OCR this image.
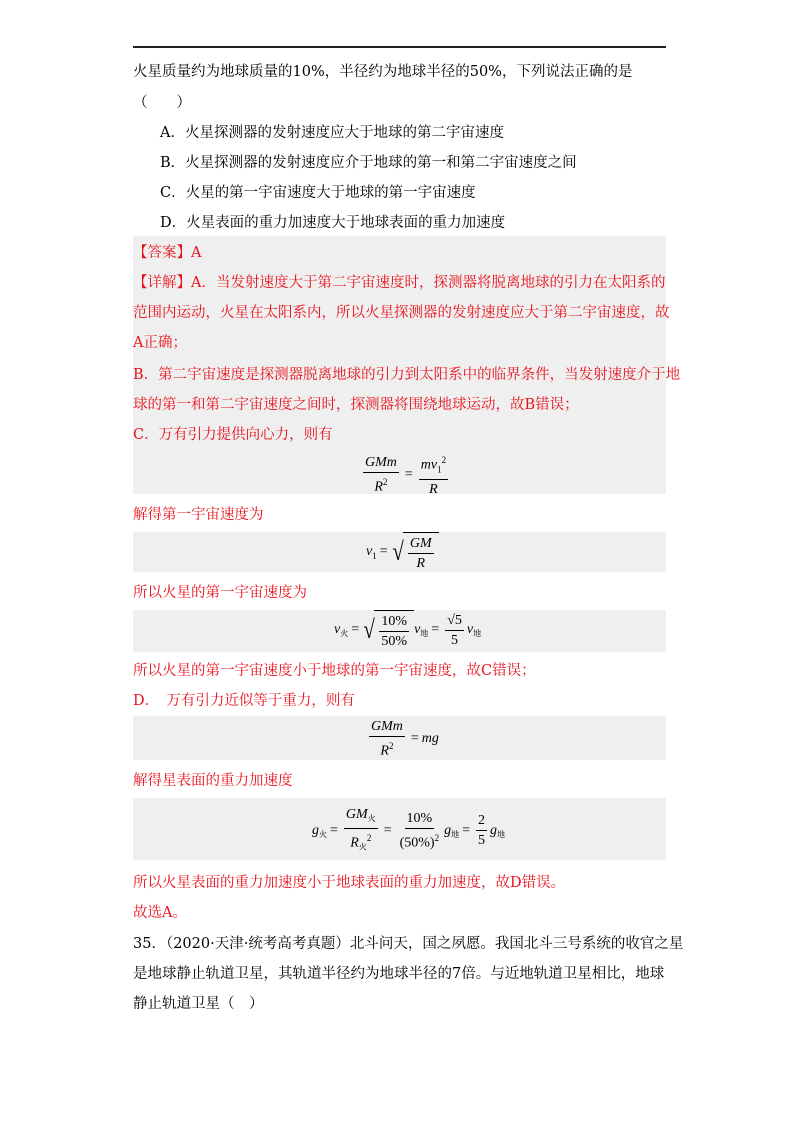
火星质量约为地球质量的10%，半径约为地球半径的50%，下列说法正确的是
（　　）
A．火星探测器的发射速度应大于地球的第二宇宙速度
B．火星探测器的发射速度应介于地球的第一和第二宇宙速度之间
C．火星的第一宇宙速度大于地球的第一宇宙速度
D．火星表面的重力加速度大于地球表面的重力加速度
【答案】A
【详解】A．当发射速度大于第二宇宙速度时，探测器将脱离地球的引力在太阳系的
范围内运动，火星在太阳系内，所以火星探测器的发射速度应大于第二宇宙速度，故
A正确；
B．第二宇宙速度是探测器脱离地球的引力到太阳系中的临界条件，当发射速度介于地
球的第一和第二宇宙速度之间时，探测器将围绕地球运动，故B错误；
C．万有引力提供向心力，则有
$\frac{\text{GMm}}{R^2} = \frac{mv_1^2}{R}$
解得第一宇宙速度为
$v_1$ = √ $\frac{GM}{R}$
所以火星的第一宇宙速度为
$v_火$ = √ $\frac{10\%}{50\%} v_地 = \frac{√5}{5} v_地$
所以火星的第一宇宙速度小于地球的第一宇宙速度，故C错误；
D．　万有引力近似等于重力，则有
$\frac{\text{GMm}}{R^2}$ = mg
解得星表面的重力加速度
$g_火 = \frac{GM_火}{R_火^2} = \frac{10\%}{(50\%)^2} g_地 = \frac{2}{5} g_地$
所以火星表面的重力加速度小于地球表面的重力加速度，故D错误。
故选A。
35．（2020·天津·统考高考真题）北斗问天，国之夙愿。我国北斗三号系统的收官之星
是地球静止轨道卫星，其轨道半径约为地球半径的7倍。与近地轨道卫星相比，地球
静止轨道卫星（　）
